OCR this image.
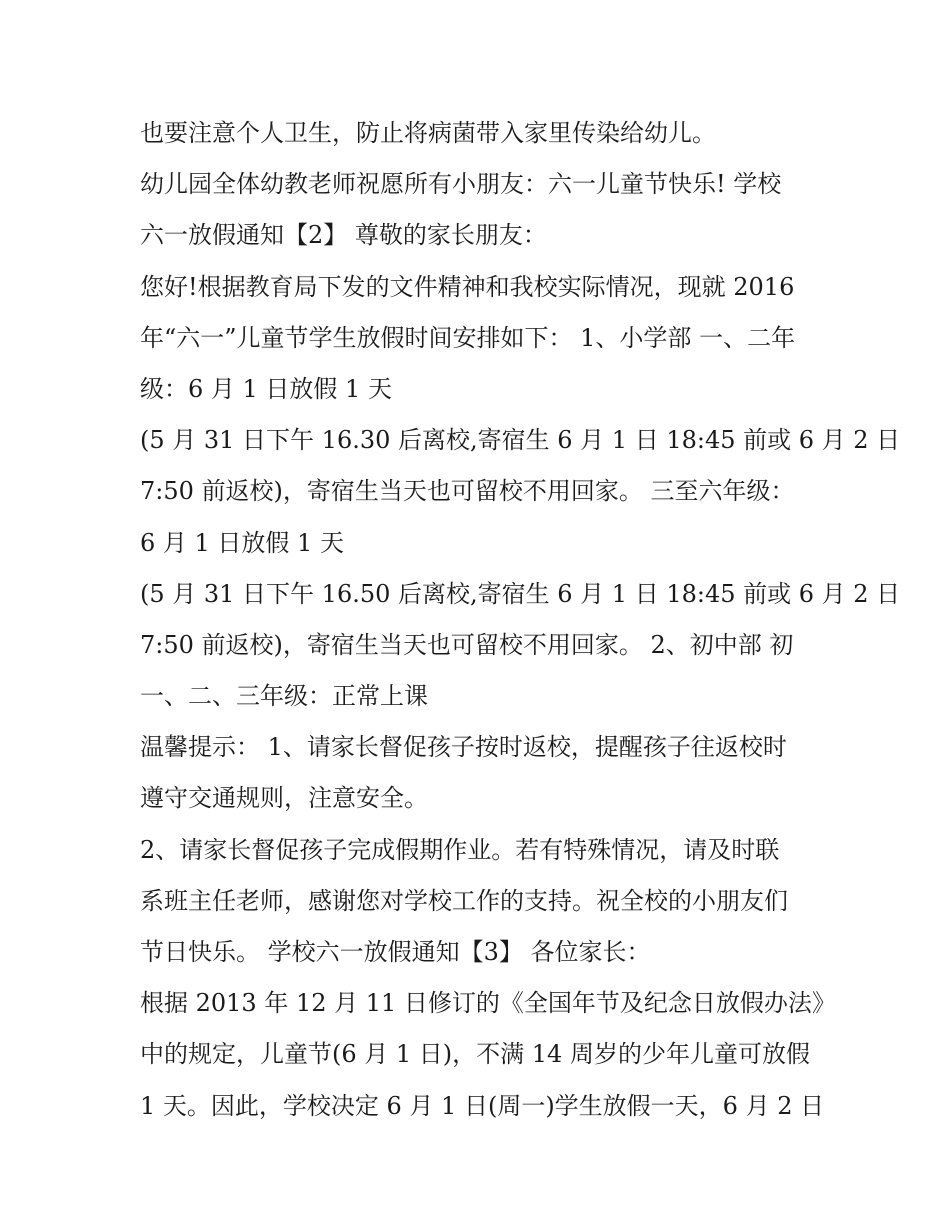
也要注意个人卫生，防止将病菌带入家里传染给幼儿。
幼儿园全体幼教老师祝愿所有小朋友：六一儿童节快乐! 学校
六一放假通知【2】 尊敬的家长朋友：
您好!根据教育局下发的文件精神和我校实际情况，现就 2016
年“六一”儿童节学生放假时间安排如下： 1、小学部 一、二年
级：6 月 1 日放假 1 天
(5 月 31 日下午 16.30 后离校,寄宿生 6 月 1 日 18:45 前或 6 月 2 日
7:50 前返校)，寄宿生当天也可留校不用回家。 三至六年级：
6 月 1 日放假 1 天
(5 月 31 日下午 16.50 后离校,寄宿生 6 月 1 日 18:45 前或 6 月 2 日
7:50 前返校)，寄宿生当天也可留校不用回家。 2、初中部 初
一、二、三年级：正常上课
温馨提示： 1、请家长督促孩子按时返校，提醒孩子往返校时
遵守交通规则，注意安全。
2、请家长督促孩子完成假期作业。若有特殊情况，请及时联
系班主任老师，感谢您对学校工作的支持。祝全校的小朋友们
节日快乐。 学校六一放假通知【3】 各位家长：
根据 2013 年 12 月 11 日修订的《全国年节及纪念日放假办法》
中的规定，儿童节(6 月 1 日)，不满 14 周岁的少年儿童可放假
1 天。因此，学校决定 6 月 1 日(周一)学生放假一天，6 月 2 日
